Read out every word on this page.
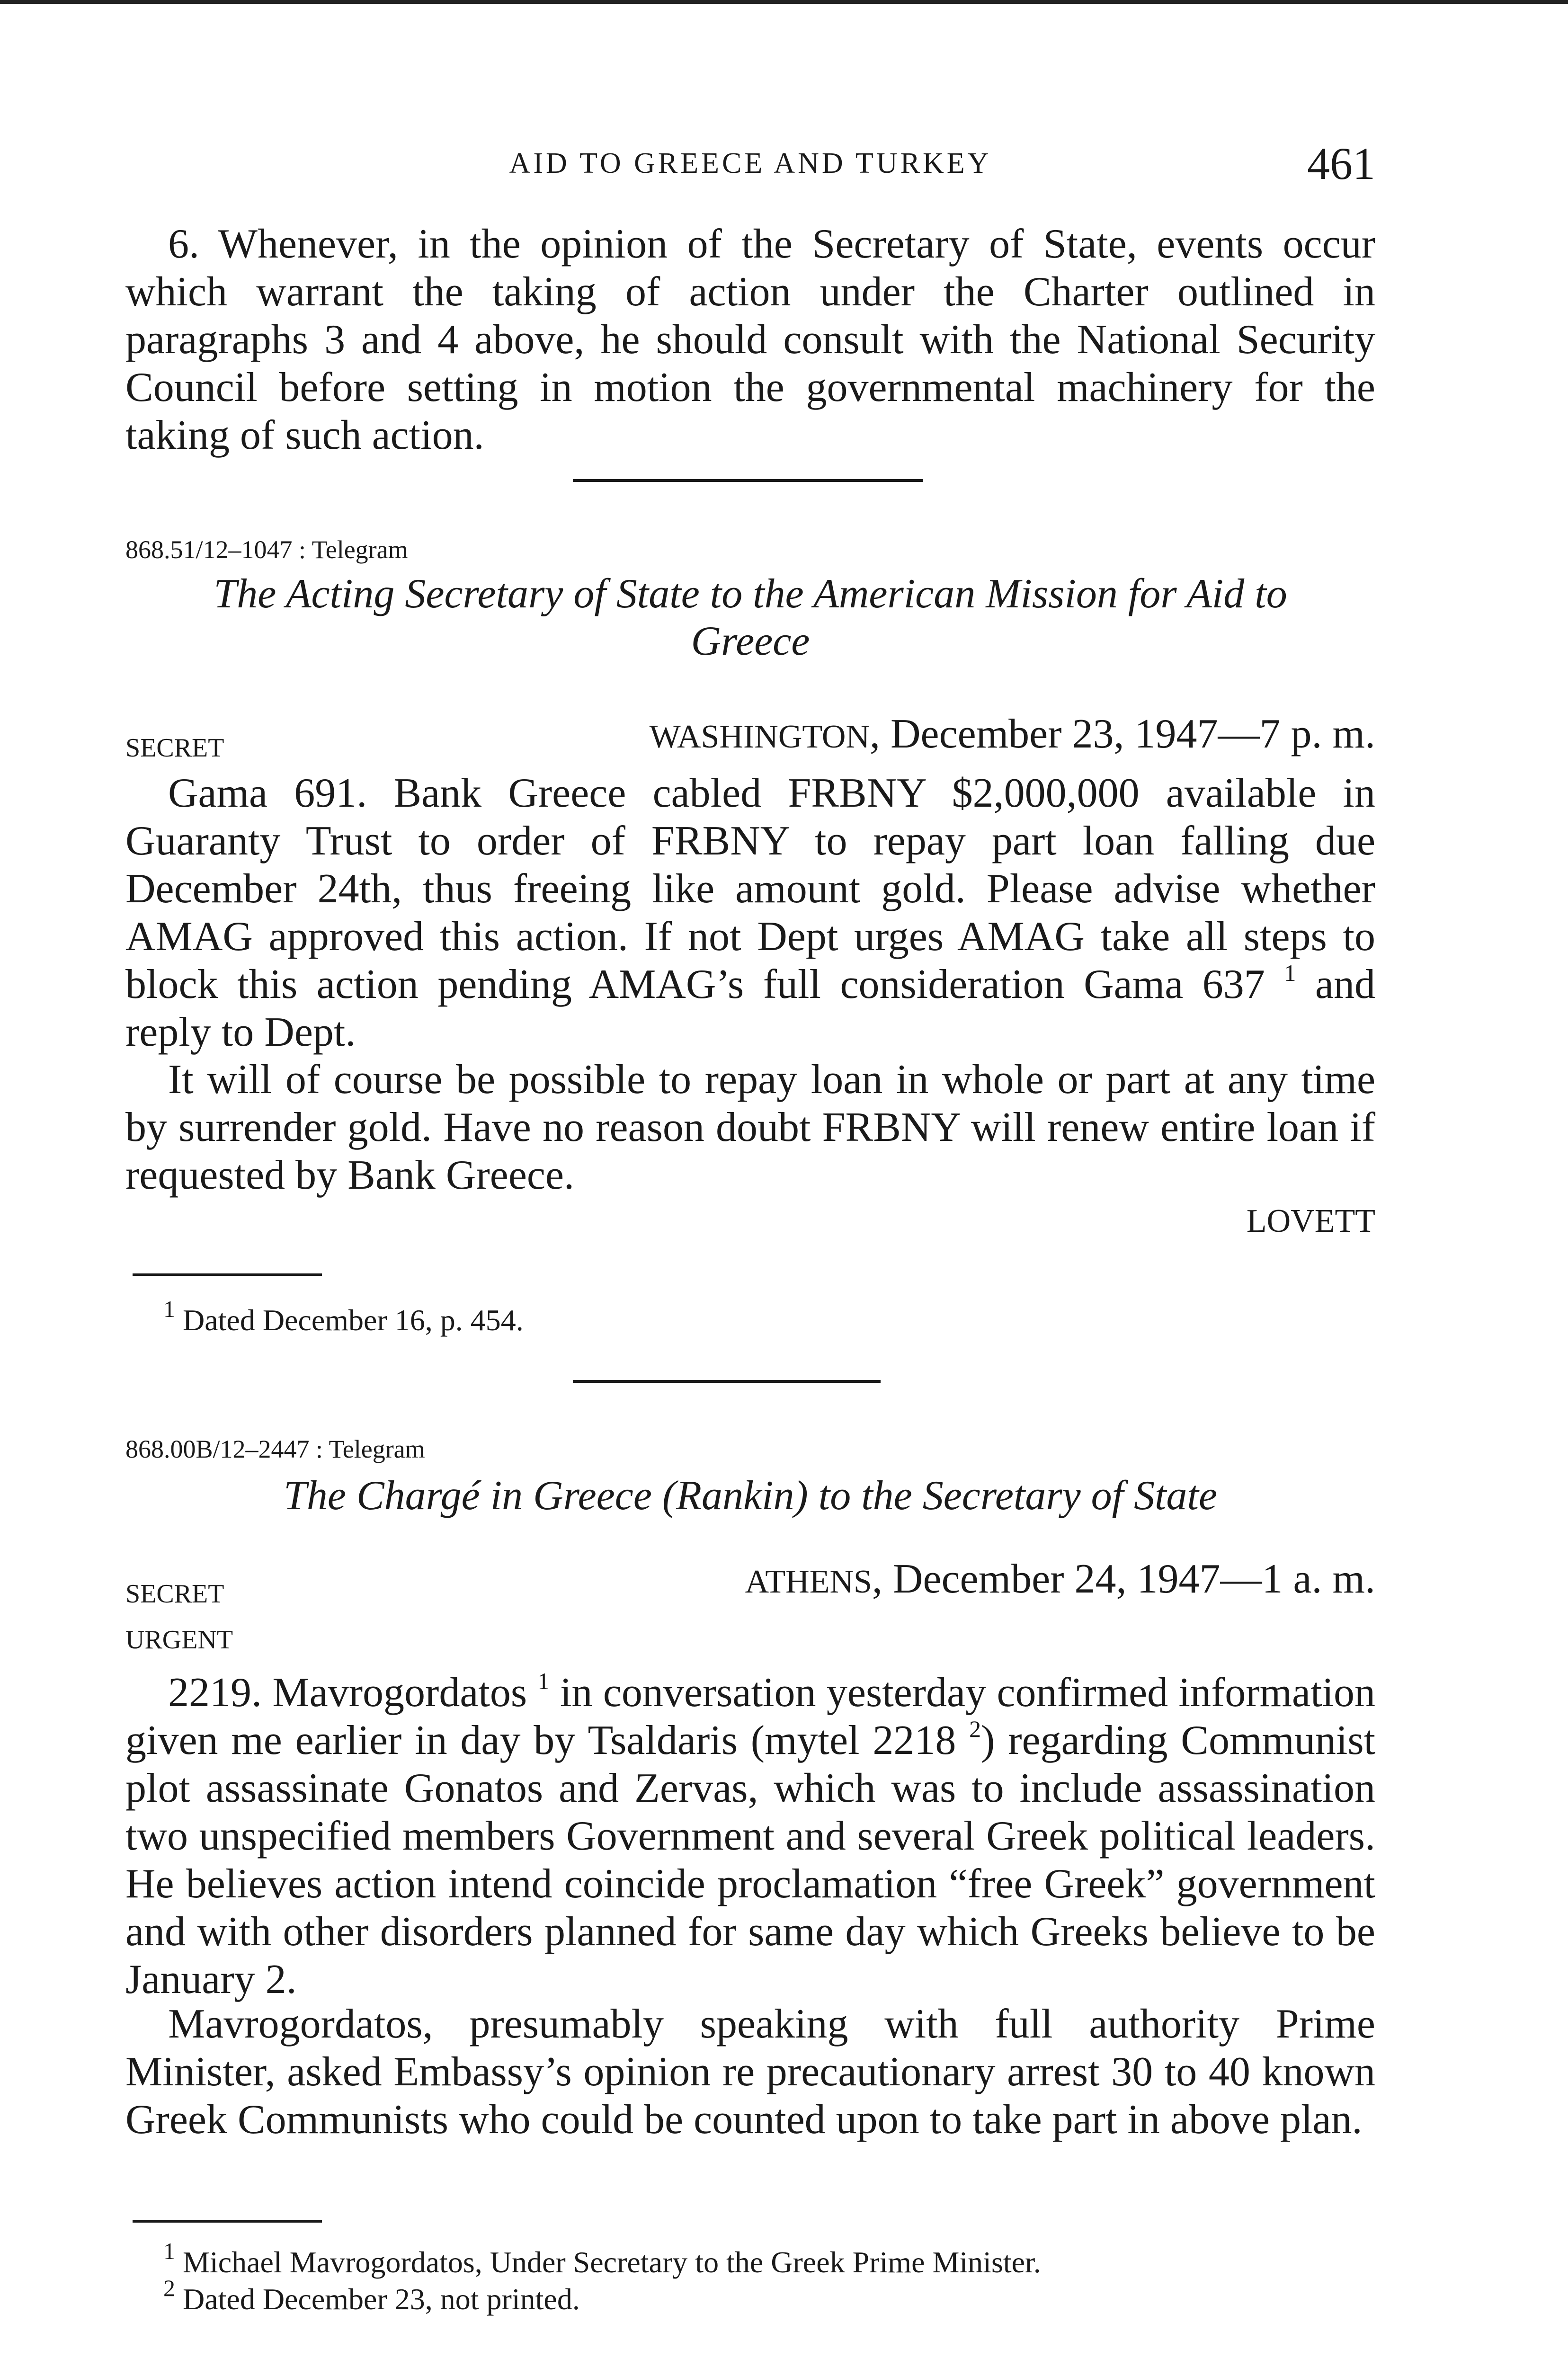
AID TO GREECE AND TURKEY	461

6. Whenever, in the opinion of the Secretary of State, events occur which warrant the taking of action under the Charter outlined in paragraphs 3 and 4 above, he should consult with the National Security Council before setting in motion the governmental machinery for the taking of such action.

868.51/12–1047 : Telegram

The Acting Secretary of State to the American Mission for Aid to Greece

SECRET	WASHINGTON, December 23, 1947—7 p. m.

Gama 691. Bank Greece cabled FRBNY $2,000,000 available in Guaranty Trust to order of FRBNY to repay part loan falling due December 24th, thus freeing like amount gold. Please advise whether AMAG approved this action. If not Dept urges AMAG take all steps to block this action pending AMAG’s full consideration Gama 637 $^1$ and reply to Dept.

It will of course be possible to repay loan in whole or part at any time by surrender gold. Have no reason doubt FRBNY will renew entire loan if requested by Bank Greece.

LOVETT

$^1$ Dated December 16, p. 454.

868.00B/12–2447 : Telegram

The Chargé in Greece (Rankin) to the Secretary of State

SECRET
URGENT
ATHENS, December 24, 1947—1 a. m.

2219. Mavrogordatos $^1$ in conversation yesterday confirmed information given me earlier in day by Tsaldaris (mytel 2218 $^2$) regarding Communist plot assassinate Gonatos and Zervas, which was to include assassination two unspecified members Government and several Greek political leaders. He believes action intend coincide proclamation “free Greek” government and with other disorders planned for same day which Greeks believe to be January 2.

Mavrogordatos, presumably speaking with full authority Prime Minister, asked Embassy’s opinion re precautionary arrest 30 to 40 known Greek Communists who could be counted upon to take part in above plan.

$^1$ Michael Mavrogordatos, Under Secretary to the Greek Prime Minister.

$^2$ Dated December 23, not printed.
